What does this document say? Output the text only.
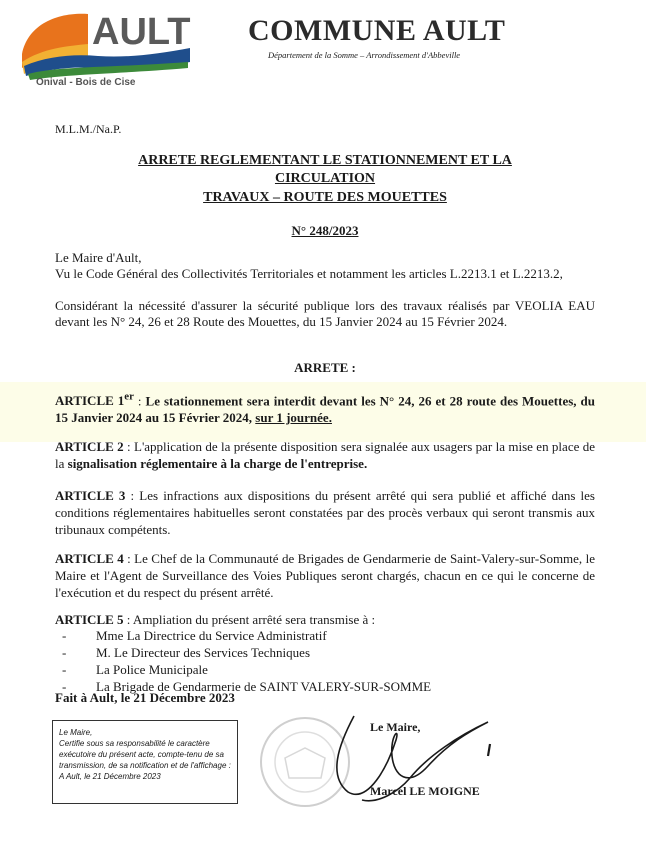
AULT
Onival - Bois de Cise
COMMUNE AULT
Département de la Somme – Arrondissement d'Abbeville
M.L.M./Na.P.
ARRETE REGLEMENTANT LE STATIONNEMENT ET LA
CIRCULATION
TRAVAUX – ROUTE DES MOUETTES
N° 248/2023
Le Maire d'Ault,
Vu le Code Général des Collectivités Territoriales et notamment les articles L.2213.1 et L.2213.2,
Considérant la nécessité d'assurer la sécurité publique lors des travaux réalisés par VEOLIA EAU devant les N° 24, 26 et 28 Route des Mouettes, du 15 Janvier 2024 au 15 Février 2024.
ARRETE :
ARTICLE 1er : Le stationnement sera interdit devant les N° 24, 26 et 28 route des Mouettes, du 15 Janvier 2024 au 15 Février 2024, sur 1 journée.
ARTICLE 2 : L'application de la présente disposition sera signalée aux usagers par la mise en place de la signalisation réglementaire à la charge de l'entreprise.
ARTICLE 3 : Les infractions aux dispositions du présent arrêté qui sera publié et affiché dans les conditions réglementaires habituelles seront constatées par des procès verbaux qui seront transmis aux tribunaux compétents.
ARTICLE 4 : Le Chef de la Communauté de Brigades de Gendarmerie de Saint-Valery-sur-Somme, le Maire et l'Agent de Surveillance des Voies Publiques seront chargés, chacun en ce qui le concerne de l'exécution et du respect du présent arrêté.
ARTICLE 5 : Ampliation du présent arrêté sera transmise à :
- Mme La Directrice du Service Administratif
- M. Le Directeur des Services Techniques
- La Police Municipale
- La Brigade de Gendarmerie de SAINT VALERY-SUR-SOMME
Fait à Ault, le 21 Décembre 2023
Le Maire,
Certifie sous sa responsabilité le caractère exécutoire du présent acte, compte-tenu de sa transmission, de sa notification et de l'affichage :
A Ault, le 21 Décembre 2023
Le Maire,
Marcel LE MOIGNE
